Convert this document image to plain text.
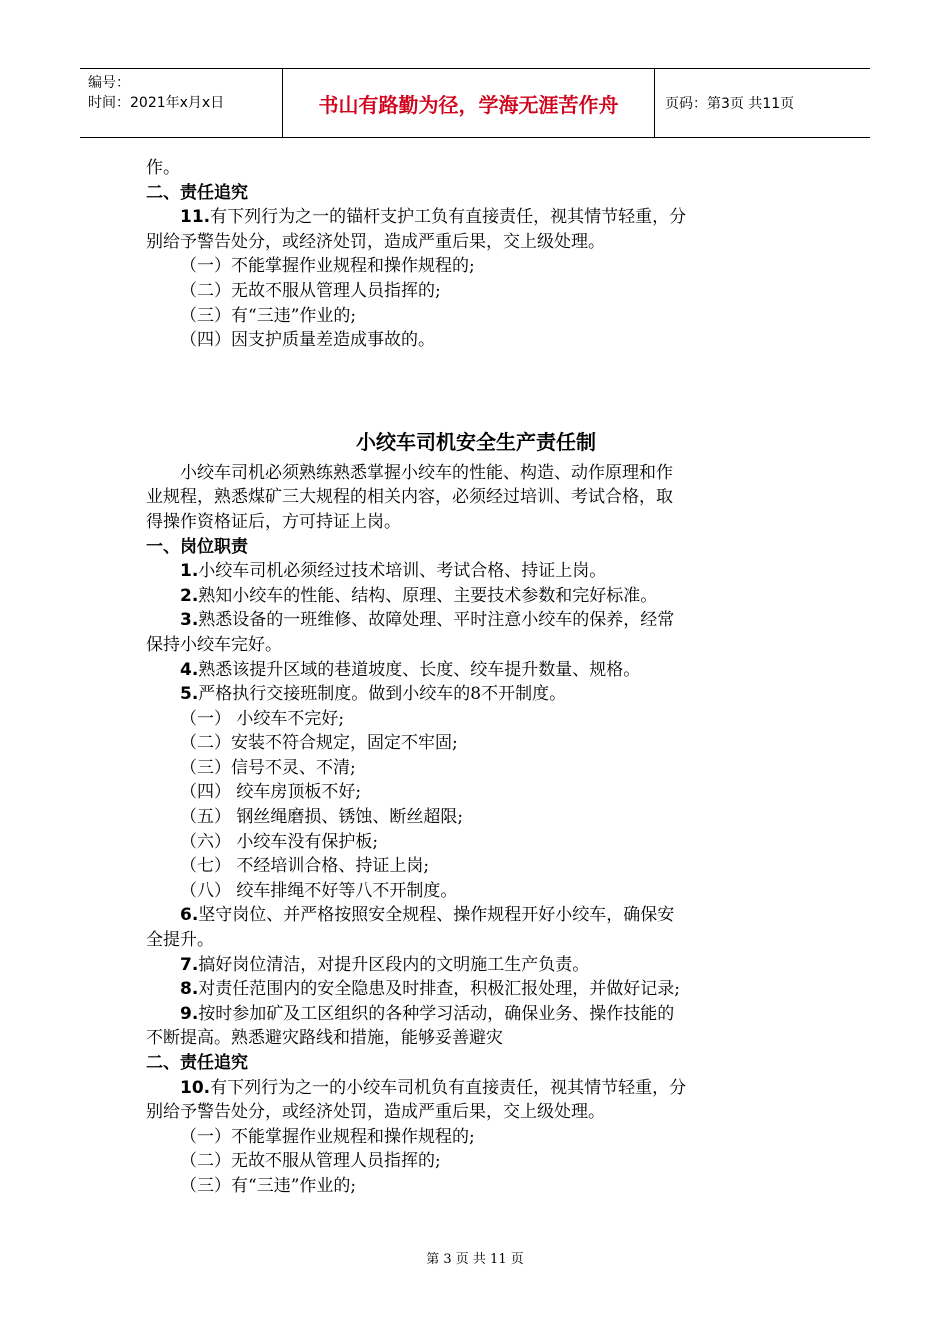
编号：
时间：2021年x月x日	书山有路勤为径，学海无涯苦作舟	页码：第3页 共11页
作。
二、责任追究
11.有下列行为之一的锚杆支护工负有直接责任，视其情节轻重，分
别给予警告处分，或经济处罚，造成严重后果，交上级处理。
（一）不能掌握作业规程和操作规程的;
（二）无故不服从管理人员指挥的;
（三）有“三违”作业的;
（四）因支护质量差造成事故的。
小绞车司机安全生产责任制
小绞车司机必须熟练熟悉掌握小绞车的性能、构造、动作原理和作
业规程，熟悉煤矿三大规程的相关内容，必须经过培训、考试合格，取
得操作资格证后，方可持证上岗。
一、岗位职责
1.小绞车司机必须经过技术培训、考试合格、持证上岗。
2.熟知小绞车的性能、结构、原理、主要技术参数和完好标准。
3.熟悉设备的一班维修、故障处理、平时注意小绞车的保养，经常
保持小绞车完好。
4.熟悉该提升区域的巷道坡度、长度、绞车提升数量、规格。
5.严格执行交接班制度。做到小绞车的8不开制度。
（一） 小绞车不完好;
（二）安装不符合规定，固定不牢固;
（三）信号不灵、不清;
（四） 绞车房顶板不好;
（五） 钢丝绳磨损、锈蚀、断丝超限;
（六） 小绞车没有保护板;
（七） 不经培训合格、持证上岗;
（八） 绞车排绳不好等八不开制度。
6.坚守岗位、并严格按照安全规程、操作规程开好小绞车，确保安
全提升。
7.搞好岗位清洁，对提升区段内的文明施工生产负责。
8.对责任范围内的安全隐患及时排查，积极汇报处理，并做好记录;
9.按时参加矿及工区组织的各种学习活动，确保业务、操作技能的
不断提高。熟悉避灾路线和措施，能够妥善避灾
二、责任追究
10.有下列行为之一的小绞车司机负有直接责任，视其情节轻重，分
别给予警告处分，或经济处罚，造成严重后果，交上级处理。
（一）不能掌握作业规程和操作规程的;
（二）无故不服从管理人员指挥的;
（三）有“三违”作业的;
第 3 页 共 11 页
